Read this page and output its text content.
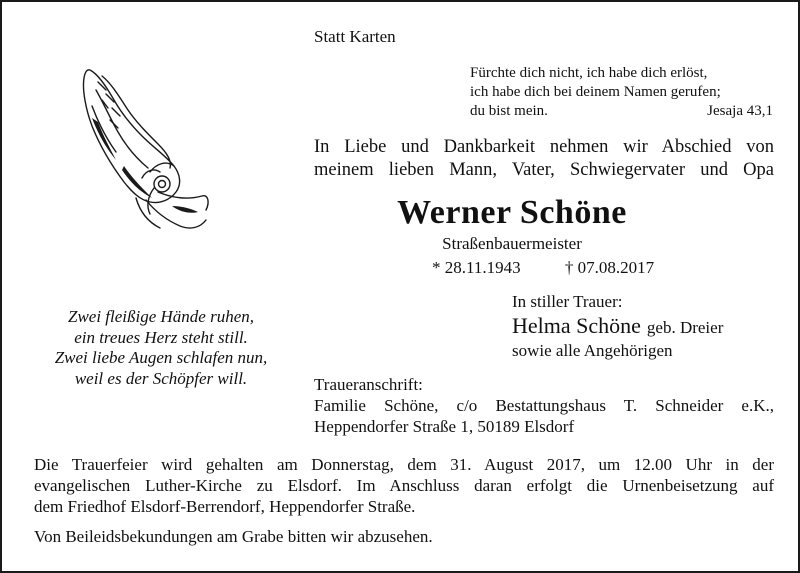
Statt Karten
Fürchte dich nicht, ich habe dich erlöst,
ich habe dich bei deinem Namen gerufen;
du bist mein.	Jesaja 43,1
In Liebe und Dankbarkeit nehmen wir Abschied von
meinem lieben Mann, Vater, Schwiegervater und Opa
Werner Schöne
Straßenbauermeister
* 28.11.1943	† 07.08.2017
In stiller Trauer:
Helma Schöne geb. Dreier
sowie alle Angehörigen
Zwei fleißige Hände ruhen,
ein treues Herz steht still.
Zwei liebe Augen schlafen nun,
weil es der Schöpfer will.	Traueranschrift:
Familie Schöne, c/o Bestattungshaus T. Schneider e.K.,
Heppendorfer Straße 1, 50189 Elsdorf
Die Trauerfeier wird gehalten am Donnerstag, dem 31. August 2017, um 12.00 Uhr in der
evangelischen Luther-Kirche zu Elsdorf. Im Anschluss daran erfolgt die Urnenbeisetzung auf
dem Friedhof Elsdorf-Berrendorf, Heppendorfer Straße.
Von Beileidsbekundungen am Grabe bitten wir abzusehen.
